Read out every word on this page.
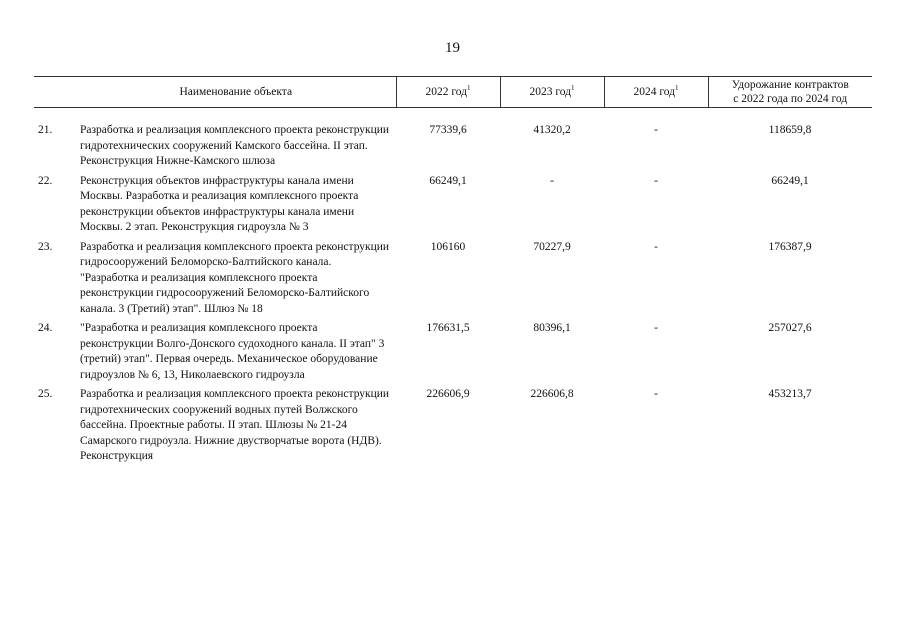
19
	Наименование объекта	2022 год$^1$	2023 год$^1$	2024 год$^1$	Удорожание контрактов
с 2022 года по 2024 год

21.	Разработка и реализация комплексного проекта реконструкции гидротехнических сооружений Камского бассейна. II этап. Реконструкция Нижне-Камского шлюза	77339,6	41320,2	-	118659,8
22.	Реконструкция объектов инфраструктуры канала имени Москвы. Разработка и реализация комплексного проекта реконструкции объектов инфраструктуры канала имени Москвы. 2 этап. Реконструкция гидроузла № 3	66249,1	-	-	66249,1
23.	Разработка и реализация комплексного проекта реконструкции гидросооружений Беломорско-Балтийского канала. "Разработка и реализация комплексного проекта реконструкции гидросооружений Беломорско-Балтийского канала. 3 (Третий) этап". Шлюз № 18	106160	70227,9	-	176387,9
24.	"Разработка и реализация комплексного проекта реконструкции Волго-Донского судоходного канала. II этап" 3 (третий) этап". Первая очередь. Механическое оборудование гидроузлов № 6, 13, Николаевского гидроузла	176631,5	80396,1	-	257027,6
25.	Разработка и реализация комплексного проекта реконструкции гидротехнических сооружений водных путей Волжского бассейна. Проектные работы. II этап. Шлюзы № 21-24 Самарского гидроузла. Нижние двустворчатые ворота (НДВ). Реконструкция	226606,9	226606,8	-	453213,7
